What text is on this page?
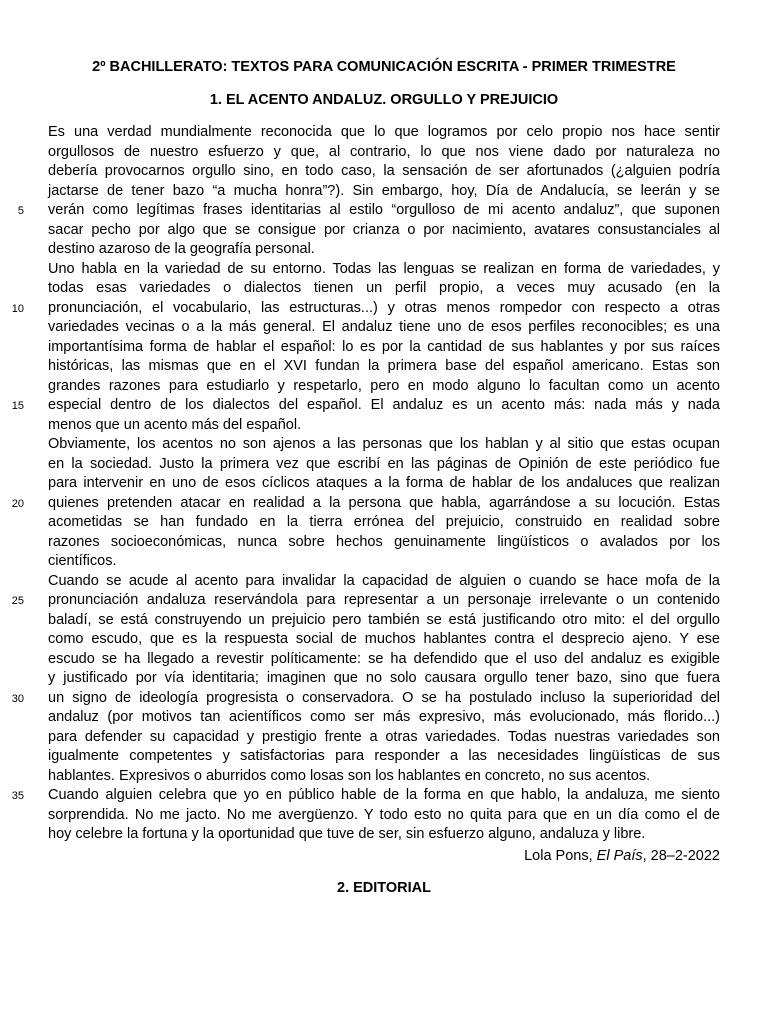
2º BACHILLERATO: TEXTOS PARA COMUNICACIÓN ESCRITA - PRIMER TRIMESTRE
1. EL ACENTO ANDALUZ. ORGULLO Y PREJUICIO
Es una verdad mundialmente reconocida que lo que logramos por celo propio nos hace sentir
orgullosos de nuestro esfuerzo y que, al contrario, lo que nos viene dado por naturaleza no
debería provocarnos orgullo sino, en todo caso, la sensación de ser afortunados (¿alguien podría
jactarse de tener bazo “a mucha honra”?). Sin embargo, hoy, Día de Andalucía, se leerán y se
5 verán como legítimas frases identitarias al estilo “orgulloso de mi acento andaluz”, que suponen
sacar pecho por algo que se consigue por crianza o por nacimiento, avatares consustanciales al
destino azaroso de la geografía personal.
Uno habla en la variedad de su entorno. Todas las lenguas se realizan en forma de variedades, y
todas esas variedades o dialectos tienen un perfil propio, a veces muy acusado (en la
10 pronunciación, el vocabulario, las estructuras...) y otras menos rompedor con respecto a otras
variedades vecinas o a la más general. El andaluz tiene uno de esos perfiles reconocibles; es una
importantísima forma de hablar el español: lo es por la cantidad de sus hablantes y por sus raíces
históricas, las mismas que en el XVI fundan la primera base del español americano. Estas son
grandes razones para estudiarlo y respetarlo, pero en modo alguno lo facultan como un acento
15 especial dentro de los dialectos del español. El andaluz es un acento más: nada más y nada
menos que un acento más del español.
Obviamente, los acentos no son ajenos a las personas que los hablan y al sitio que estas ocupan
en la sociedad. Justo la primera vez que escribí en las páginas de Opinión de este periódico fue
para intervenir en uno de esos cíclicos ataques a la forma de hablar de los andaluces que realizan
20 quienes pretenden atacar en realidad a la persona que habla, agarrándose a su locución. Estas
acometidas se han fundado en la tierra errónea del prejuicio, construido en realidad sobre
razones socioeconómicas, nunca sobre hechos genuinamente lingüísticos o avalados por los
científicos.
Cuando se acude al acento para invalidar la capacidad de alguien o cuando se hace mofa de la
25 pronunciación andaluza reservándola para representar a un personaje irrelevante o un contenido
baladí, se está construyendo un prejuicio pero también se está justificando otro mito: el del orgullo
como escudo, que es la respuesta social de muchos hablantes contra el desprecio ajeno. Y ese
escudo se ha llegado a revestir políticamente: se ha defendido que el uso del andaluz es exigible
y justificado por vía identitaria; imaginen que no solo causara orgullo tener bazo, sino que fuera
30 un signo de ideología progresista o conservadora. O se ha postulado incluso la superioridad del
andaluz (por motivos tan acientíficos como ser más expresivo, más evolucionado, más florido...)
para defender su capacidad y prestigio frente a otras variedades. Todas nuestras variedades son
igualmente competentes y satisfactorias para responder a las necesidades lingüísticas de sus
hablantes. Expresivos o aburridos como losas son los hablantes en concreto, no sus acentos.
35 Cuando alguien celebra que yo en público hable de la forma en que hablo, la andaluza, me siento
sorprendida. No me jacto. No me avergüenzo. Y todo esto no quita para que en un día como el de
hoy celebre la fortuna y la oportunidad que tuve de ser, sin esfuerzo alguno, andaluza y libre.
Lola Pons, El País, 28–2-2022
2. EDITORIAL
